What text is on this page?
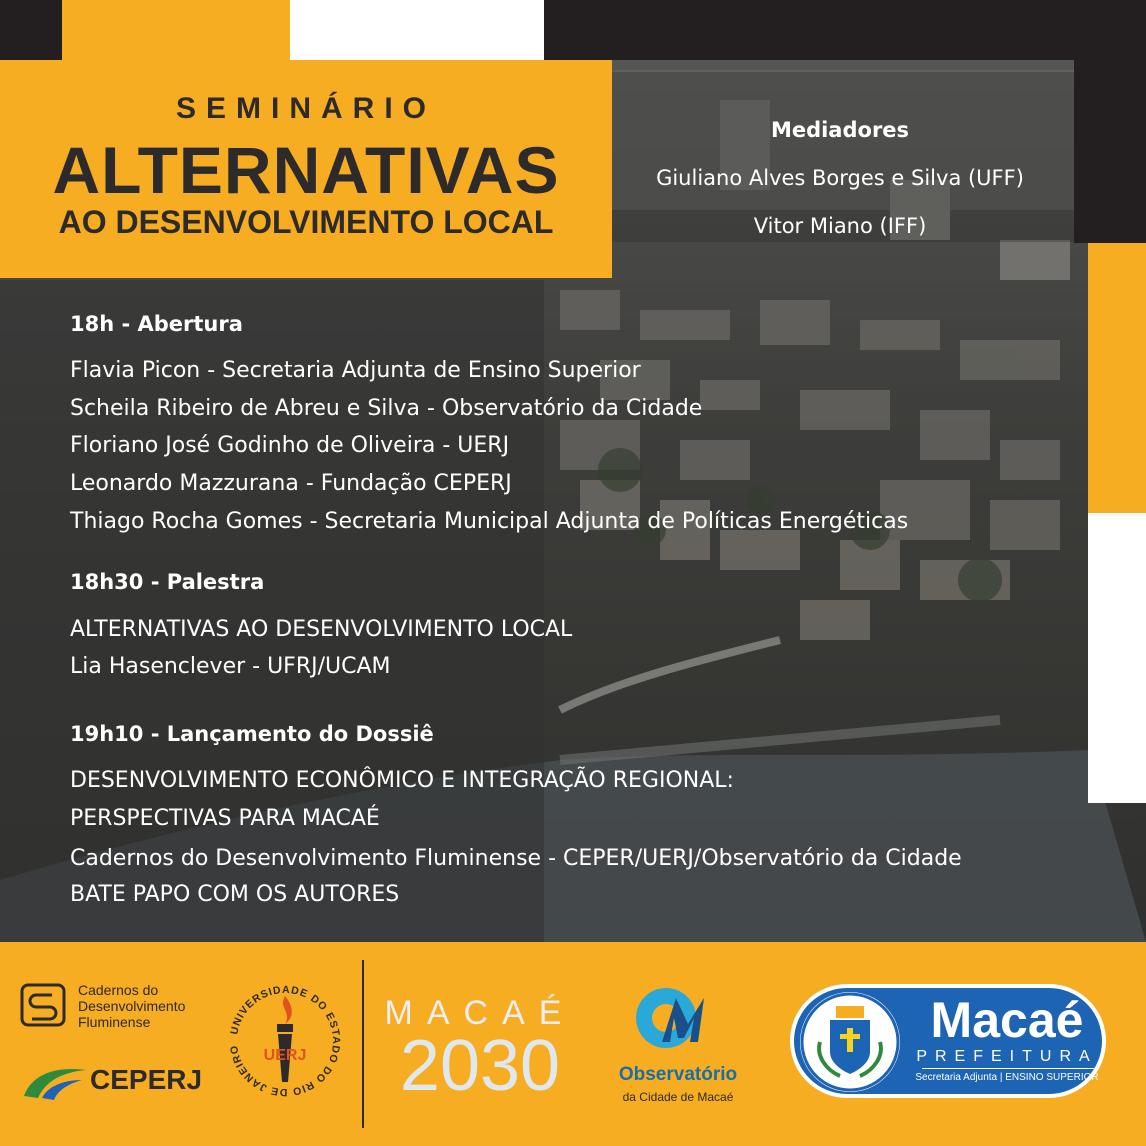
SEMINÁRIO
ALTERNATIVAS
AO DESENVOLVIMENTO LOCAL
Mediadores
Giuliano Alves Borges e Silva (UFF)
Vitor Miano (IFF)
18h - Abertura
Flavia Picon - Secretaria Adjunta de Ensino Superior
Scheila Ribeiro de Abreu e Silva - Observatório da Cidade
Floriano José Godinho de Oliveira - UERJ
Leonardo Mazzurana - Fundação CEPERJ
Thiago Rocha Gomes - Secretaria Municipal Adjunta de Políticas Energéticas
18h30 - Palestra
ALTERNATIVAS AO DESENVOLVIMENTO LOCAL
Lia Hasenclever - UFRJ/UCAM
19h10 - Lançamento do Dossiê
DESENVOLVIMENTO ECONÔMICO E INTEGRAÇÃO REGIONAL:
PERSPECTIVAS PARA MACAÉ
Cadernos do Desenvolvimento Fluminense - CEPER/UERJ/Observatório da Cidade
BATE PAPO COM OS AUTORES
Cadernos do
Desenvolvimento
Fluminense
CEPERJ
UNIVERSIDADE DO ESTADO DO RIO DE JANEIRO	UERJ
MACAÉ
2030	Observatório
da Cidade de Macaé
Macaé
PREFEITURA
Secretaria Adjunta | ENSINO SUPERIOR
